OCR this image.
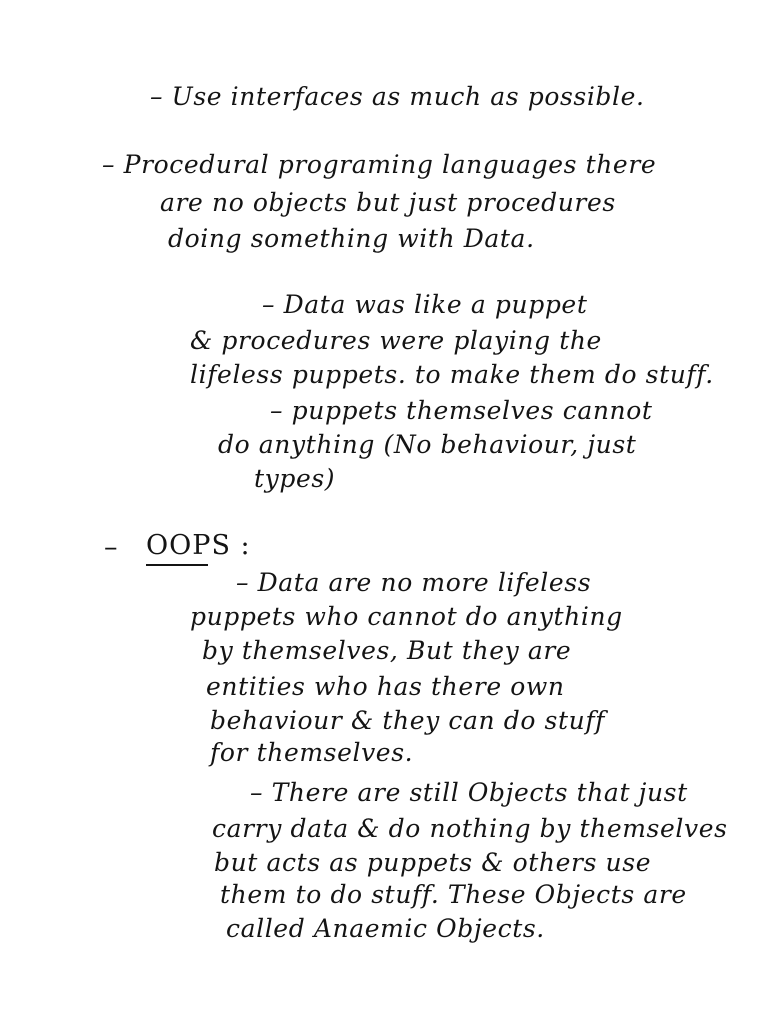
– Use interfaces as much as possible.
– Procedural programing languages there
are no objects but just procedures
doing something with Data.
– Data was like a puppet
& procedures were playing the
lifeless puppets. to make them do stuff.
– puppets themselves cannot
do anything (No behaviour, just
types)
– OOPS :
– Data are no more lifeless
puppets who cannot do anything
by themselves, But they are
entities who has there own
behaviour & they can do stuff
for themselves.
– There are still Objects that just
carry data & do nothing by themselves
but acts as puppets & others use
them to do stuff. These Objects are
called Anaemic Objects.
